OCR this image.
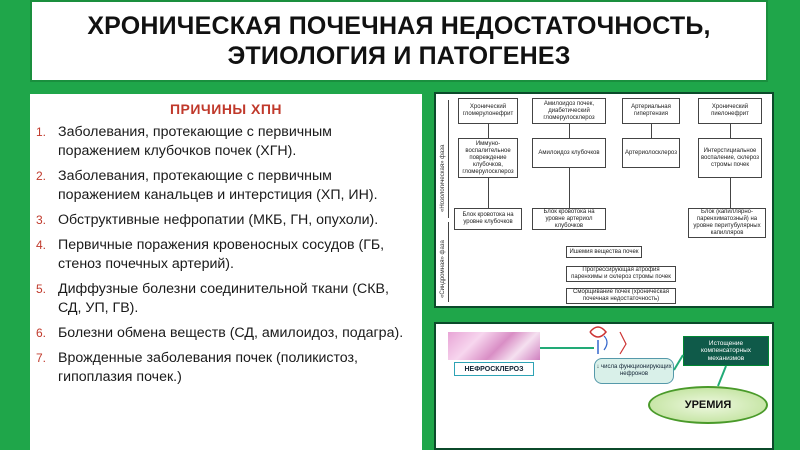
ХРОНИЧЕСКАЯ ПОЧЕЧНАЯ НЕДОСТАТОЧНОСТЬ,
ЭТИОЛОГИЯ И ПАТОГЕНЕЗ
ПРИЧИНЫ ХПН
1. Заболевания, протекающие с первичным поражением клубочков почек (ХГН).
2. Заболевания, протекающие с первичным поражением канальцев и интерстиция (ХП, ИН).
3. Обструктивные нефропатии (МКБ, ГН, опухоли).
4. Первичные поражения кровеносных сосудов (ГБ, стеноз почечных артерий).
5. Диффузные болезни соединительной ткани (СКВ, СД, УП, ГВ).
6. Болезни обмена веществ (СД, амилоидоз, подагра).
7. Врожденные заболевания почек (поликистоз, гипоплазия почек.)
«Нозологическая» фаза
«Синдромная» фаза
Хронический гломерулонефрит
Амилоидоз почек, диабетический гломерулосклероз
Артериальная гипертензия
Хронический пиелонефрит
Иммуно-воспалительное повреждение клубочков, гломерулосклероз
Амилоидоз клубочков	Артериолосклероз	Интерстициальное воспаление, склероз стромы почек
Блок кровотока на уровне клубочков
Блок кровотока на уровне артериол клубочков
Блок (капиллярно-паренхиматозный) на уровне перитубулярных капилляров
Ишемия вещества почек
Прогрессирующая атрофия паренхимы и склероз стромы почек
Сморщивание почек (хроническая почечная недостаточность)
НЕФРОСКЛЕРОЗ	↓ числа функционирующих нефронов
Истощение компенсаторных механизмов
УРЕМИЯ
